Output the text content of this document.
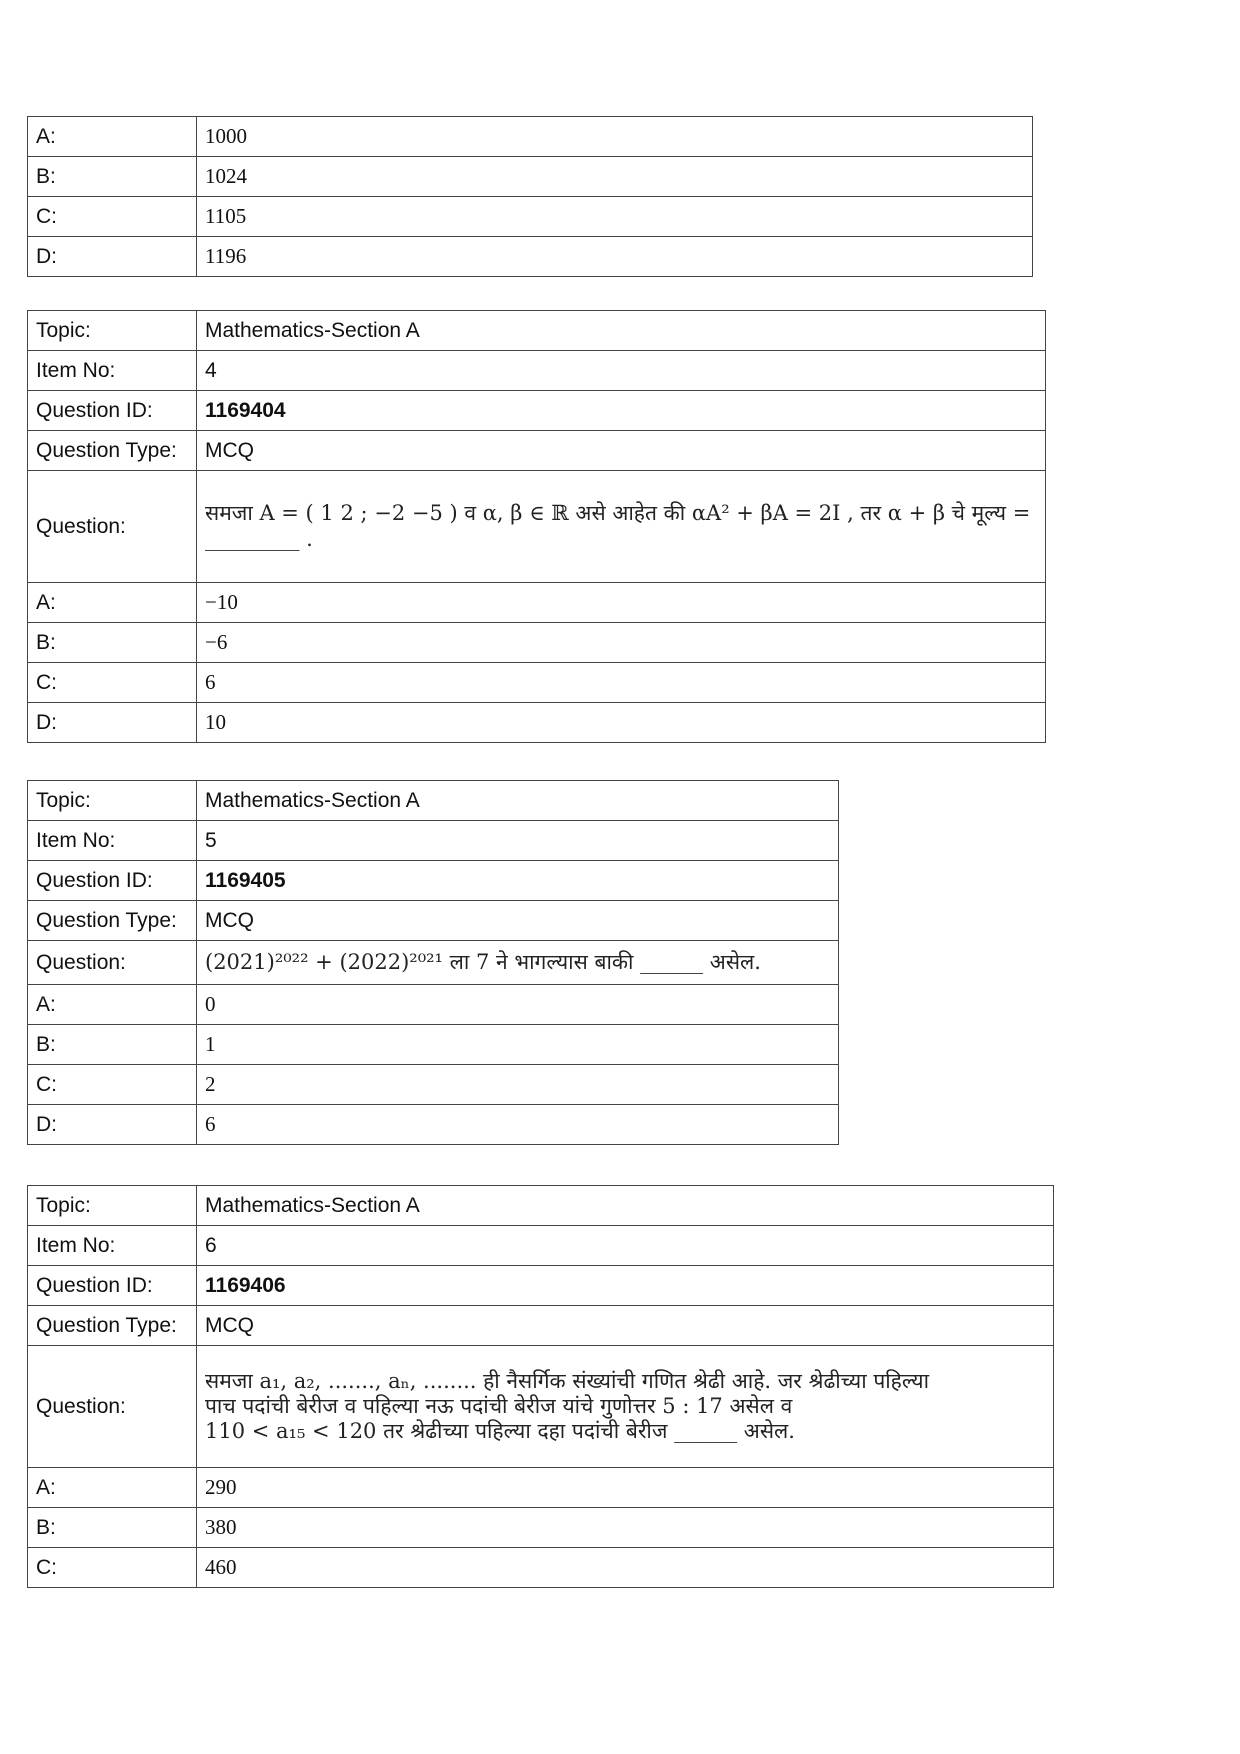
A:	1000
B:	1024
C:	1105
D:	1196
Topic:	Mathematics-Section A
Item No:	4
Question ID:	1169404
Question Type:	MCQ
Question:	समजा A = ( 1 2 ; −2 −5 ) व α, β ∈ ℝ असे आहेत की αA² + βA = 2I , तर α + β चे मूल्य =
_________ .

A:	−10
B:	−6
C:	6
D:	10
Topic:	Mathematics-Section A
Item No:	5
Question ID:	1169405
Question Type:	MCQ
Question:	(2021)²⁰²² + (2022)²⁰²¹ ला 7 ने भागल्यास बाकी ______ असेल.
A:	0
B:	1
C:	2
D:	6
Topic:	Mathematics-Section A
Item No:	6
Question ID:	1169406
Question Type:	MCQ
Question:	समजा a₁, a₂, ......., aₙ, ........ ही नैसर्गिक संख्यांची गणित श्रेढी आहे. जर श्रेढीच्या पहिल्या
पाच पदांची बेरीज व पहिल्या नऊ पदांची बेरीज यांचे गुणोत्तर 5 : 17 असेल व
110 < a₁₅ < 120 तर श्रेढीच्या पहिल्या दहा पदांची बेरीज ______ असेल.

A:	290
B:	380
C:	460
